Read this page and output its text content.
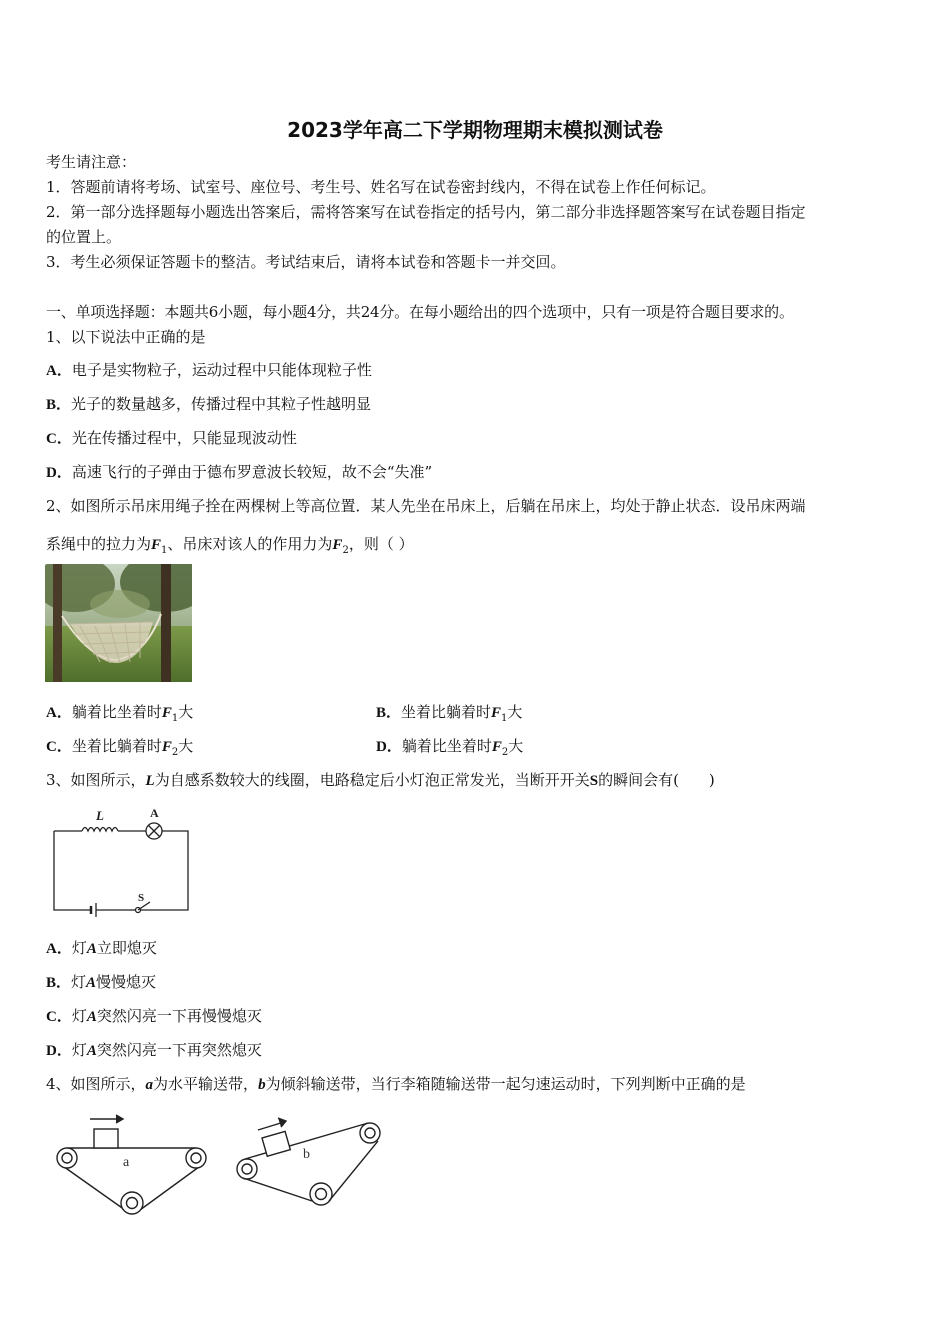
2023学年高二下学期物理期末模拟测试卷
考生请注意：
1．答题前请将考场、试室号、座位号、考生号、姓名写在试卷密封线内，不得在试卷上作任何标记。
2．第一部分选择题每小题选出答案后，需将答案写在试卷指定的括号内，第二部分非选择题答案写在试卷题目指定
的位置上。
3．考生必须保证答题卡的整洁。考试结束后，请将本试卷和答题卡一并交回。
一、单项选择题：本题共6小题，每小题4分，共24分。在每小题给出的四个选项中，只有一项是符合题目要求的。
1、以下说法中正确的是
A．电子是实物粒子，运动过程中只能体现粒子性
B．光子的数量越多，传播过程中其粒子性越明显
C．光在传播过程中，只能显现波动性
D．高速飞行的子弹由于德布罗意波长较短，故不会“失准”
2、如图所示吊床用绳子拴在两棵树上等高位置．某人先坐在吊床上，后躺在吊床上，均处于静止状态．设吊床两端
系绳中的拉力为$F_1$、吊床对该人的作用力为$F_2$，则（ ）
A．躺着比坐着时$F_1$大	B．坐着比躺着时$F_1$大
C．坐着比躺着时$F_2$大	D．躺着比坐着时$F_2$大
3、如图所示，L为自感系数较大的线圈，电路稳定后小灯泡正常发光，当断开开关S的瞬间会有(　　)
L	A
S
A．灯A立即熄灭
B．灯A慢慢熄灭
C．灯A突然闪亮一下再慢慢熄灭
D．灯A突然闪亮一下再突然熄灭
4、如图所示，a为水平输送带，b为倾斜输送带，当行李箱随输送带一起匀速运动时，下列判断中正确的是
a
b
